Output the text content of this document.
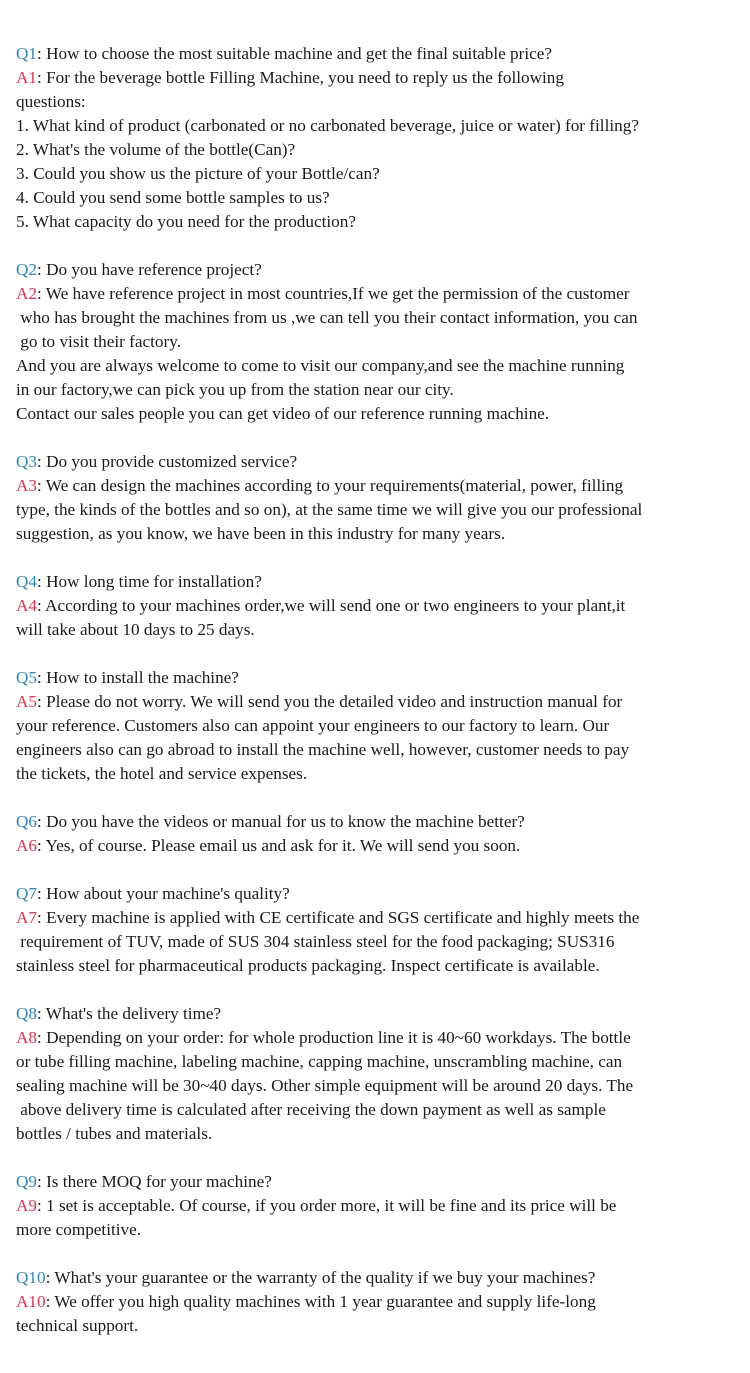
Q1: How to choose the most suitable machine and get the final suitable price?
A1: For the beverage bottle Filling Machine, you need to reply us the following
questions:
1. What kind of product (carbonated or no carbonated beverage, juice or water) for filling?
2. What's the volume of the bottle(Can)?
3. Could you show us the picture of your Bottle/can?
4. Could you send some bottle samples to us?
5. What capacity do you need for the production?
Q2: Do you have reference project?
A2: We have reference project in most countries,If we get the permission of the customer
who has brought the machines from us ,we can tell you their contact information, you can
go to visit their factory.
And you are always welcome to come to visit our company,and see the machine running
in our factory,we can pick you up from the station near our city.
Contact our sales people you can get video of our reference running machine.
Q3: Do you provide customized service?
A3: We can design the machines according to your requirements(material, power, filling
type, the kinds of the bottles and so on), at the same time we will give you our professional
suggestion, as you know, we have been in this industry for many years.
Q4: How long time for installation?
A4: According to your machines order,we will send one or two engineers to your plant,it
will take about 10 days to 25 days.
Q5: How to install the machine?
A5: Please do not worry. We will send you the detailed video and instruction manual for
your reference. Customers also can appoint your engineers to our factory to learn. Our
engineers also can go abroad to install the machine well, however, customer needs to pay
the tickets, the hotel and service expenses.
Q6: Do you have the videos or manual for us to know the machine better?
A6: Yes, of course. Please email us and ask for it. We will send you soon.
Q7: How about your machine's quality?
A7: Every machine is applied with CE certificate and SGS certificate and highly meets the
requirement of TUV, made of SUS 304 stainless steel for the food packaging; SUS316
stainless steel for pharmaceutical products packaging. Inspect certificate is available.
Q8: What's the delivery time?
A8: Depending on your order: for whole production line it is 40~60 workdays. The bottle
or tube filling machine, labeling machine, capping machine, unscrambling machine, can
sealing machine will be 30~40 days. Other simple equipment will be around 20 days. The
above delivery time is calculated after receiving the down payment as well as sample
bottles / tubes and materials.
Q9: Is there MOQ for your machine?
A9: 1 set is acceptable. Of course, if you order more, it will be fine and its price will be
more competitive.
Q10: What's your guarantee or the warranty of the quality if we buy your machines?
A10: We offer you high quality machines with 1 year guarantee and supply life-long
technical support.
